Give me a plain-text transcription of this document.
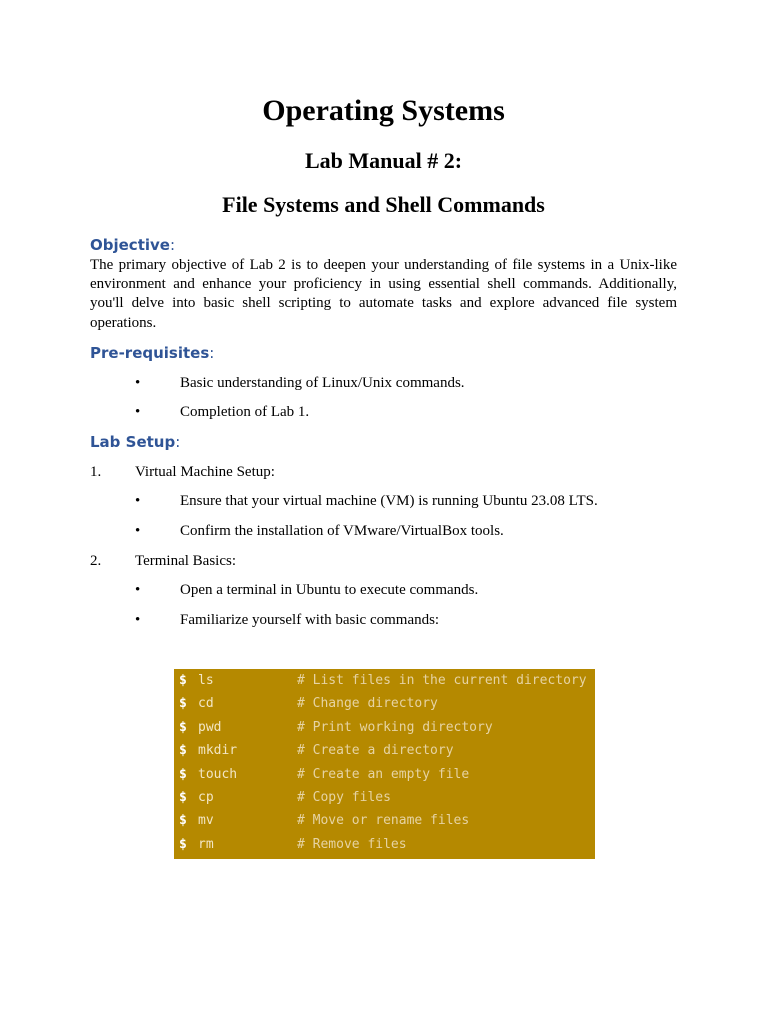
Operating Systems
Lab Manual # 2:
File Systems and Shell Commands
Objective:
The primary objective of Lab 2 is to deepen your understanding of file systems in a Unix-like environment and enhance your proficiency in using essential shell commands. Additionally, you'll delve into basic shell scripting to automate tasks and explore advanced file system operations.
Pre-requisites:
•	Basic understanding of Linux/Unix commands.
•	Completion of Lab 1.
Lab Setup:
1. Virtual Machine Setup:
•	Ensure that your virtual machine (VM) is running Ubuntu 23.08 LTS.
•	Confirm the installation of VMware/VirtualBox tools.
2. Terminal Basics:
•	Open a terminal in Ubuntu to execute commands.
•	Familiarize yourself with basic commands:
$ ls	# List files in the current directory
$ cd	# Change directory
$ pwd	# Print working directory
$ mkdir	# Create a directory
$ touch	# Create an empty file
$ cp	# Copy files
$ mv	# Move or rename files
$ rm	# Remove files
